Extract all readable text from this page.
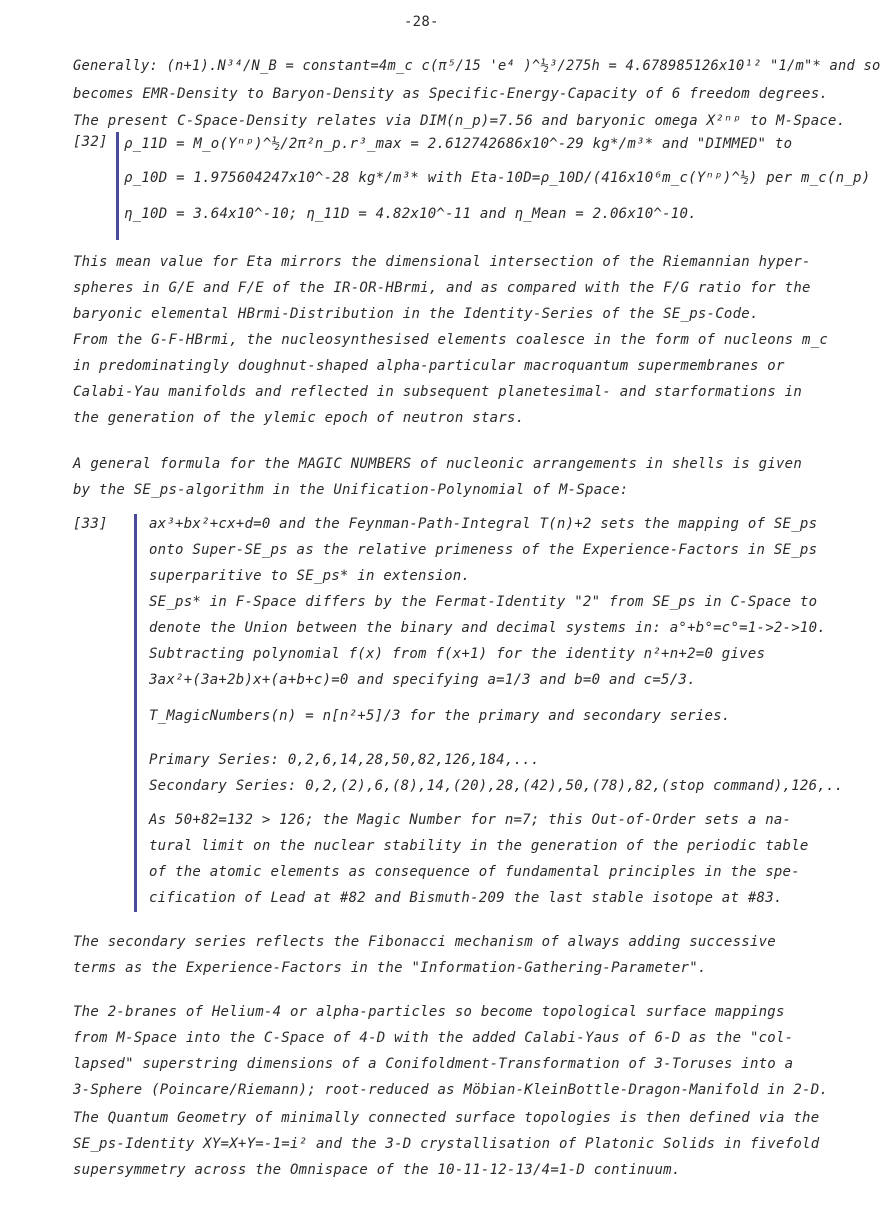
-28-
Generally: (n+1).N³⁴/N_B = constant=4m_c c(π⁵/15 'e⁴ )^½³/275h = 4.678985126x10¹² "1/m"* and so
becomes EMR-Density to Baryon-Density as Specific-Energy-Capacity of 6 freedom degrees.
The present C-Space-Density relates via DIM(n_p)=7.56 and baryonic omega X²ⁿᵖ to M-Space.
[32] ρ_11D = M_o(Yⁿᵖ)^½/2π²n_p.r³_max = 2.612742686x10^-29 kg*/m³* and "DIMMED" to
ρ_10D = 1.975604247x10^-28 kg*/m³* with Eta-10D=ρ_10D/(416x10⁶m_c(Yⁿᵖ)^½) per m_c(n_p)
η_10D = 3.64x10^-10; η_11D = 4.82x10^-11 and η_Mean = 2.06x10^-10.
This mean value for Eta mirrors the dimensional intersection of the Riemannian hyper-
spheres in G/E and F/E of the IR-OR-HBrmi, and as compared with the F/G ratio for the
baryonic elemental HBrmi-Distribution in the Identity-Series of the SE_ps-Code.
From the G-F-HBrmi, the nucleosynthesised elements coalesce in the form of nucleons m_c
in predominatingly doughnut-shaped alpha-particular macroquantum supermembranes or
Calabi-Yau manifolds and reflected in subsequent planetesimal- and starformations in
the generation of the ylemic epoch of neutron stars.
A general formula for the MAGIC NUMBERS of nucleonic arrangements in shells is given
by the SE_ps-algorithm in the Unification-Polynomial of M-Space:
[33]	ax³+bx²+cx+d=0 and the Feynman-Path-Integral T(n)+2 sets the mapping of SE_ps
onto Super-SE_ps as the relative primeness of the Experience-Factors in SE_ps
superparitive to SE_ps* in extension.
SE_ps* in F-Space differs by the Fermat-Identity "2" from SE_ps in C-Space to
denote the Union between the binary and decimal systems in: a°+b°=c°=1->2->10.
Subtracting polynomial f(x) from f(x+1) for the identity n²+n+2=0 gives
3ax²+(3a+2b)x+(a+b+c)=0 and specifying a=1/3 and b=0 and c=5/3.
T_MagicNumbers(n) = n[n²+5]/3 for the primary and secondary series.
Primary Series: 0,2,6,14,28,50,82,126,184,...
Secondary Series: 0,2,(2),6,(8),14,(20),28,(42),50,(78),82,(stop command),126,..
As 50+82=132 > 126; the Magic Number for n=7; this Out-of-Order sets a na-
tural limit on the nuclear stability in the generation of the periodic table
of the atomic elements as consequence of fundamental principles in the spe-
cification of Lead at #82 and Bismuth-209 the last stable isotope at #83.
The secondary series reflects the Fibonacci mechanism of always adding successive
terms as the Experience-Factors in the "Information-Gathering-Parameter".
The 2-branes of Helium-4 or alpha-particles so become topological surface mappings
from M-Space into the C-Space of 4-D with the added Calabi-Yaus of 6-D as the "col-
lapsed" superstring dimensions of a Conifoldment-Transformation of 3-Toruses into a
3-Sphere (Poincare/Riemann); root-reduced as Möbian-KleinBottle-Dragon-Manifold in 2-D.
The Quantum Geometry of minimally connected surface topologies is then defined via the
SE_ps-Identity XY=X+Y=-1=i² and the 3-D crystallisation of Platonic Solids in fivefold
supersymmetry across the Omnispace of the 10-11-12-13/4=1-D continuum.
